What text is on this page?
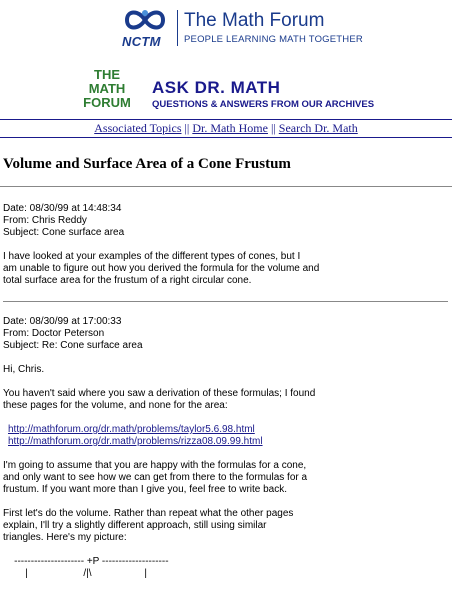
NCTM
The Math Forum
PEOPLE LEARNING MATH TOGETHER
THE
MATH
FORUM
ASK DR. MATH
QUESTIONS & ANSWERS FROM OUR ARCHIVES
Associated Topics || Dr. Math Home || Search Dr. Math
Volume and Surface Area of a Cone Frustum
Date: 08/30/99 at 14:48:34
From: Chris Reddy
Subject: Cone surface area
I have looked at your examples of the different types of cones, but I
am unable to figure out how you derived the formula for the volume and
total surface area for the frustum of a right circular cone.
Date: 08/30/99 at 17:00:33
From: Doctor Peterson
Subject: Re: Cone surface area
Hi, Chris.
You haven't said where you saw a derivation of these formulas; I found
these pages for the volume, and none for the area:
http://mathforum.org/dr.math/problems/taylor5.6.98.html
http://mathforum.org/dr.math/problems/rizza08.09.99.html
I'm going to assume that you are happy with the formulas for a cone,
and only want to see how we can get from there to the formulas for a
frustum. If you want more than I give you, feel free to write back.
First let's do the volume. Rather than repeat what the other pages
explain, I'll try a slightly different approach, still using similar
triangles. Here's my picture:
--------------------- +P --------------------
|                    /|\                   |
